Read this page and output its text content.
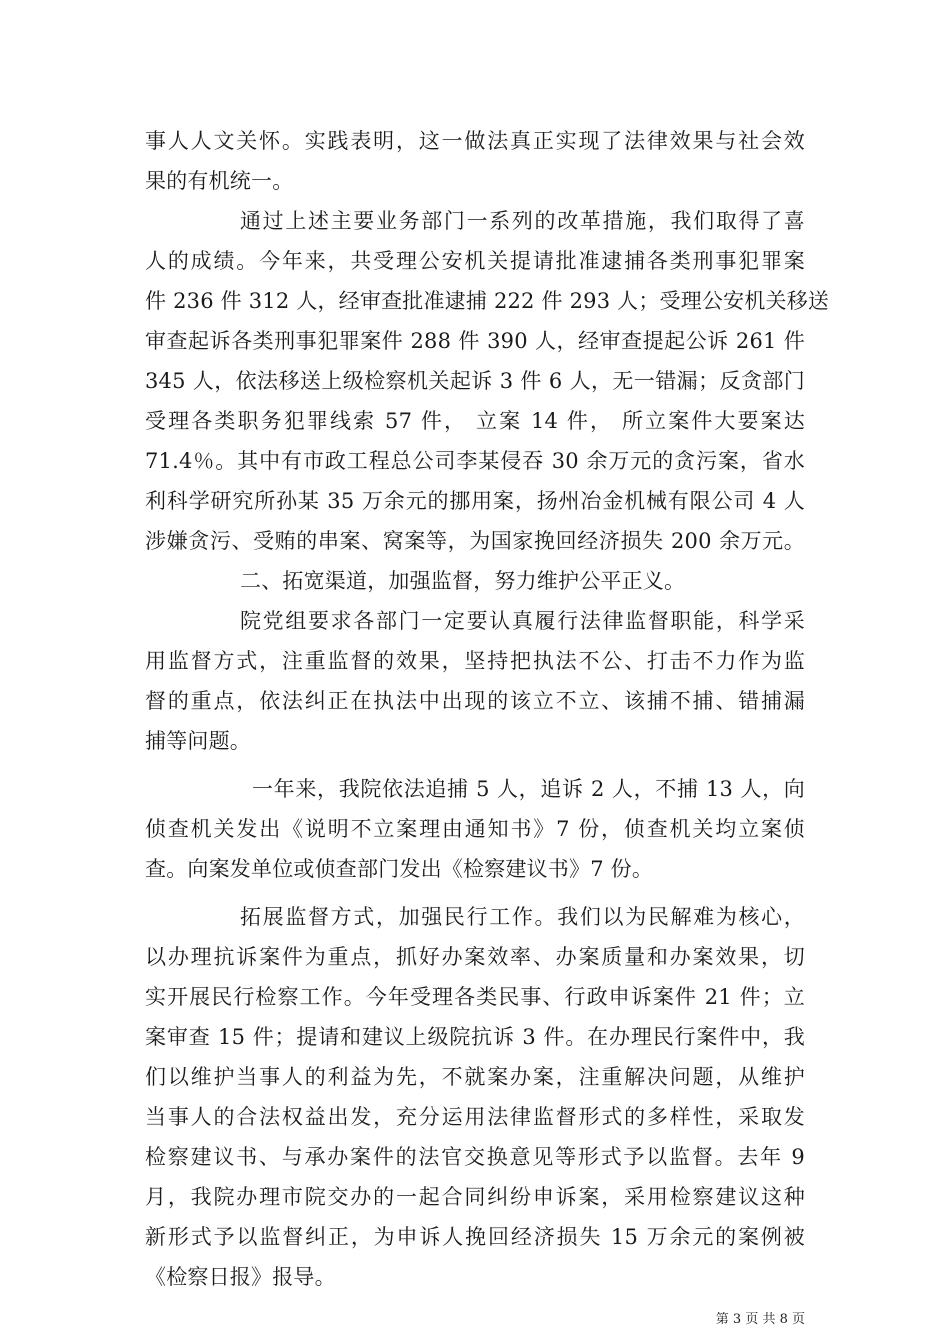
事人人文关怀。实践表明，这一做法真正实现了法律效果与社会效
果的有机统一。
通过上述主要业务部门一系列的改革措施，我们取得了喜
人的成绩。今年来，共受理公安机关提请批准逮捕各类刑事犯罪案
件 236 件 312 人，经审查批准逮捕 222 件 293 人；受理公安机关移送
审查起诉各类刑事犯罪案件 288 件 390 人，经审查提起公诉 261 件
345 人，依法移送上级检察机关起诉 3 件 6 人，无一错漏；反贪部门
受理各类职务犯罪线索 57 件， 立案 14 件， 所立案件大要案达
71.4％。其中有市政工程总公司李某侵吞 30 余万元的贪污案，省水
利科学研究所孙某 35 万余元的挪用案，扬州冶金机械有限公司 4 人
涉嫌贪污、受贿的串案、窝案等，为国家挽回经济损失 200 余万元。
二、拓宽渠道，加强监督，努力维护公平正义。
院党组要求各部门一定要认真履行法律监督职能，科学采
用监督方式，注重监督的效果，坚持把执法不公、打击不力作为监
督的重点，依法纠正在执法中出现的该立不立、该捕不捕、错捕漏
捕等问题。
一年来，我院依法追捕 5 人，追诉 2 人，不捕 13 人，向
侦查机关发出《说明不立案理由通知书》7 份，侦查机关均立案侦
查。向案发单位或侦查部门发出《检察建议书》7 份。
拓展监督方式，加强民行工作。我们以为民解难为核心，
以办理抗诉案件为重点，抓好办案效率、办案质量和办案效果，切
实开展民行检察工作。今年受理各类民事、行政申诉案件 21 件；立
案审查 15 件；提请和建议上级院抗诉 3 件。在办理民行案件中，我
们以维护当事人的利益为先，不就案办案，注重解决问题，从维护
当事人的合法权益出发，充分运用法律监督形式的多样性，采取发
检察建议书、与承办案件的法官交换意见等形式予以监督。去年 9
月，我院办理市院交办的一起合同纠纷申诉案，采用检察建议这种
新形式予以监督纠正，为申诉人挽回经济损失 15 万余元的案例被
《检察日报》报导。
第 3 页 共 8 页
